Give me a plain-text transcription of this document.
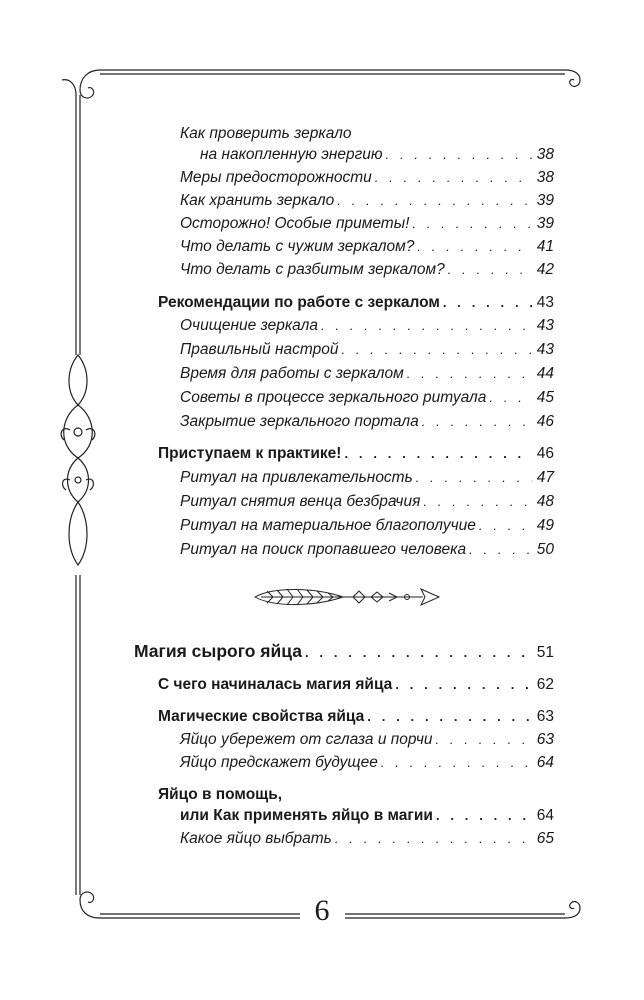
Как проверить зеркало
на накопленную энергию . . .	38
Меры предосторожности . . .	38
Как хранить зеркало . . .	39
Осторожно! Особые приметы! . . .	39
Что делать с чужим зеркалом? . . .	41
Что делать с разбитым зеркалом? . . .	42
Рекомендации по работе с зеркалом . . .	43
Очищение зеркала . . .	43
Правильный настрой . . .	43
Время для работы с зеркалом . . .	44
Советы в процессе зеркального ритуала . . .	45
Закрытие зеркального портала . . .	46
Приступаем к практике! . . .	46
Ритуал на привлекательность . . .	47
Ритуал снятия венца безбрачия . . .	48
Ритуал на материальное благополучие . . .	49
Ритуал на поиск пропавшего человека . . .	50
Магия сырого яйца . . .	51
С чего начиналась магия яйца . . .	62
Магические свойства яйца . . .	63
Яйцо убережет от сглаза и порчи . . .	63
Яйцо предскажет будущее . . .	64
Яйцо в помощь,
или Как применять яйцо в магии . . .	64
Какое яйцо выбрать . . .	65
6
